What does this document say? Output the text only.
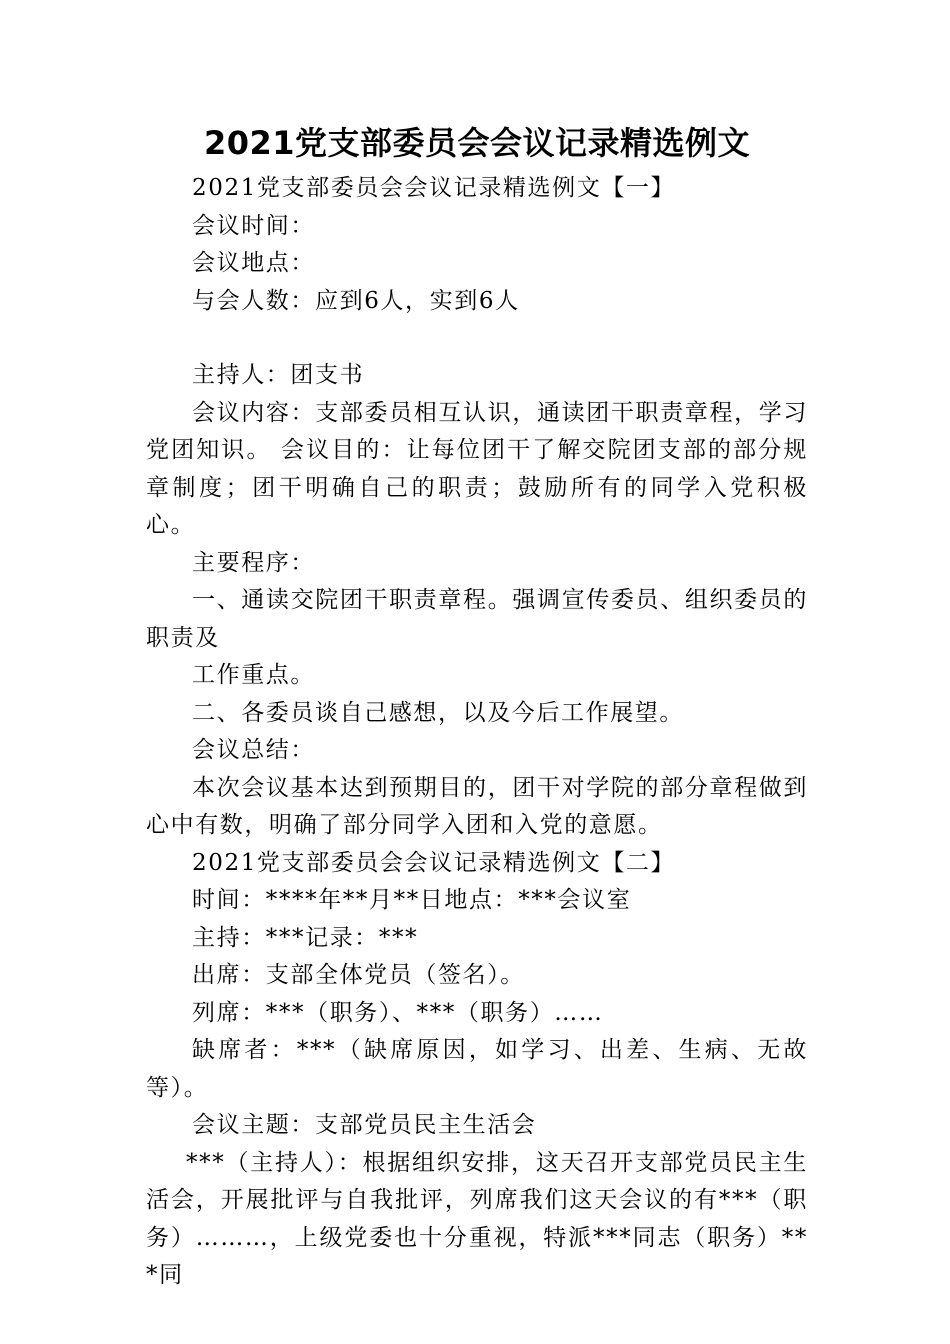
2021党支部委员会会议记录精选例文

2021党支部委员会会议记录精选例文【一】

会议时间：

会议地点：

与会人数：应到6人，实到6人

主持人：团支书

会议内容：支部委员相互认识，通读团干职责章程，学习党团知识。 会议目的：让每位团干了解交院团支部的部分规章制度；团干明确自己的职责；鼓励所有的同学入党积极心。

主要程序：

一、通读交院团干职责章程。强调宣传委员、组织委员的职责及

工作重点。

二、各委员谈自己感想，以及今后工作展望。

会议总结：

本次会议基本达到预期目的，团干对学院的部分章程做到心中有数，明确了部分同学入团和入党的意愿。

2021党支部委员会会议记录精选例文【二】

时间：****年**月**日地点：***会议室

主持：***记录：***

出席：支部全体党员（签名）。

列席：***（职务）、***（职务）……

缺席者：***（缺席原因，如学习、出差、生病、无故等）。

会议主题：支部党员民主生活会

***（主持人）：根据组织安排，这天召开支部党员民主生活会，开展批评与自我批评，列席我们这天会议的有***（职务）………，上级党委也十分重视，特派***同志（职务）***同
